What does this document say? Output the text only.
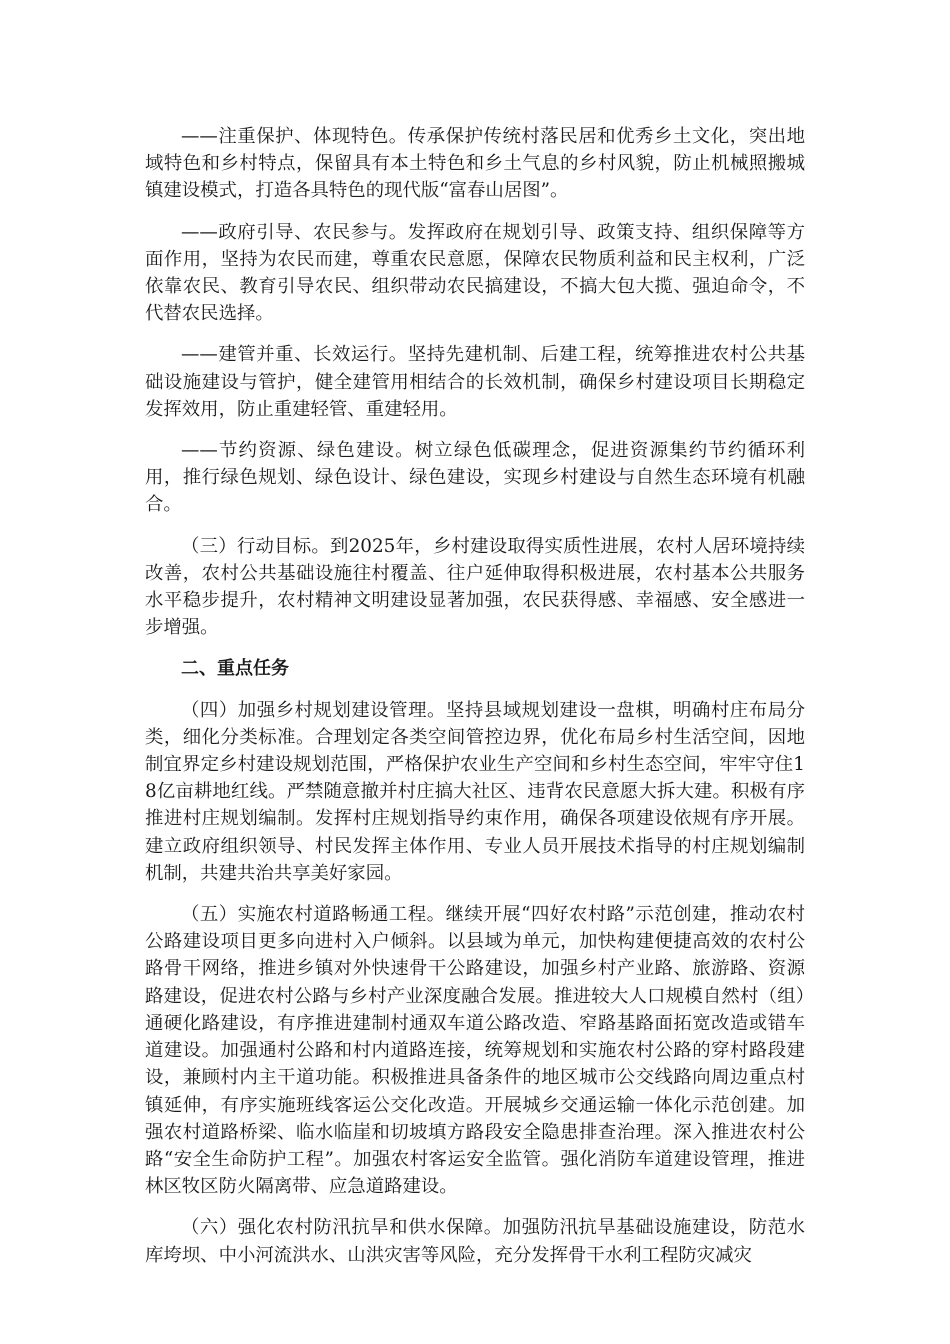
——注重保护、体现特色。传承保护传统村落民居和优秀乡土文化，突出地域特色和乡村特点，保留具有本土特色和乡土气息的乡村风貌，防止机械照搬城镇建设模式，打造各具特色的现代版“富春山居图”。

——政府引导、农民参与。发挥政府在规划引导、政策支持、组织保障等方面作用，坚持为农民而建，尊重农民意愿，保障农民物质利益和民主权利，广泛依靠农民、教育引导农民、组织带动农民搞建设，不搞大包大揽、强迫命令，不代替农民选择。

——建管并重、长效运行。坚持先建机制、后建工程，统筹推进农村公共基础设施建设与管护，健全建管用相结合的长效机制，确保乡村建设项目长期稳定发挥效用，防止重建轻管、重建轻用。

——节约资源、绿色建设。树立绿色低碳理念，促进资源集约节约循环利用，推行绿色规划、绿色设计、绿色建设，实现乡村建设与自然生态环境有机融合。

（三）行动目标。到2025年，乡村建设取得实质性进展，农村人居环境持续改善，农村公共基础设施往村覆盖、往户延伸取得积极进展，农村基本公共服务水平稳步提升，农村精神文明建设显著加强，农民获得感、幸福感、安全感进一步增强。

二、重点任务

（四）加强乡村规划建设管理。坚持县域规划建设一盘棋，明确村庄布局分类，细化分类标准。合理划定各类空间管控边界，优化布局乡村生活空间，因地制宜界定乡村建设规划范围，严格保护农业生产空间和乡村生态空间，牢牢守住18亿亩耕地红线。严禁随意撤并村庄搞大社区、违背农民意愿大拆大建。积极有序推进村庄规划编制。发挥村庄规划指导约束作用，确保各项建设依规有序开展。建立政府组织领导、村民发挥主体作用、专业人员开展技术指导的村庄规划编制机制，共建共治共享美好家园。

（五）实施农村道路畅通工程。继续开展“四好农村路”示范创建，推动农村公路建设项目更多向进村入户倾斜。以县域为单元，加快构建便捷高效的农村公路骨干网络，推进乡镇对外快速骨干公路建设，加强乡村产业路、旅游路、资源路建设，促进农村公路与乡村产业深度融合发展。推进较大人口规模自然村（组）通硬化路建设，有序推进建制村通双车道公路改造、窄路基路面拓宽改造或错车道建设。加强通村公路和村内道路连接，统筹规划和实施农村公路的穿村路段建设，兼顾村内主干道功能。积极推进具备条件的地区城市公交线路向周边重点村镇延伸，有序实施班线客运公交化改造。开展城乡交通运输一体化示范创建。加强农村道路桥梁、临水临崖和切坡填方路段安全隐患排查治理。深入推进农村公路“安全生命防护工程”。加强农村客运安全监管。强化消防车道建设管理，推进林区牧区防火隔离带、应急道路建设。

（六）强化农村防汛抗旱和供水保障。加强防汛抗旱基础设施建设，防范水库垮坝、中小河流洪水、山洪灾害等风险，充分发挥骨干水利工程防灾减灾
